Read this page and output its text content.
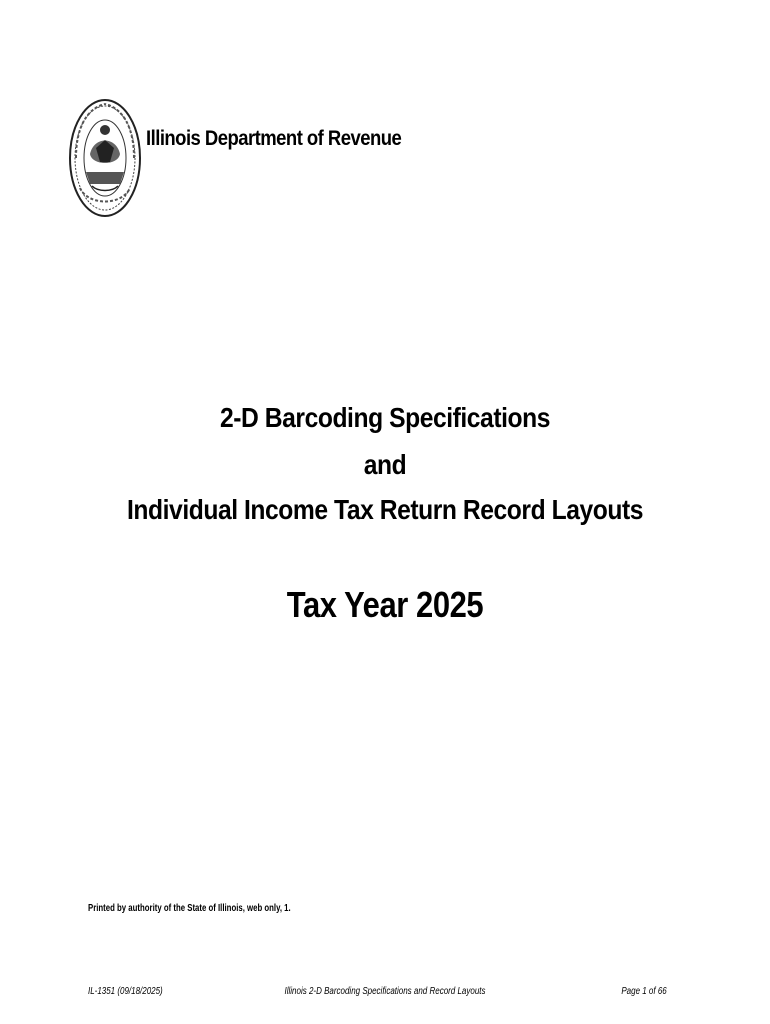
Illinois Department of Revenue
2-D Barcoding Specifications
and
Individual Income Tax Return Record Layouts
Tax Year 2025
Printed by authority of the State of Illinois, web only, 1.
IL-1351 (09/18/2025)	Illinois 2-D Barcoding Specifications and Record Layouts	Page 1 of 66
